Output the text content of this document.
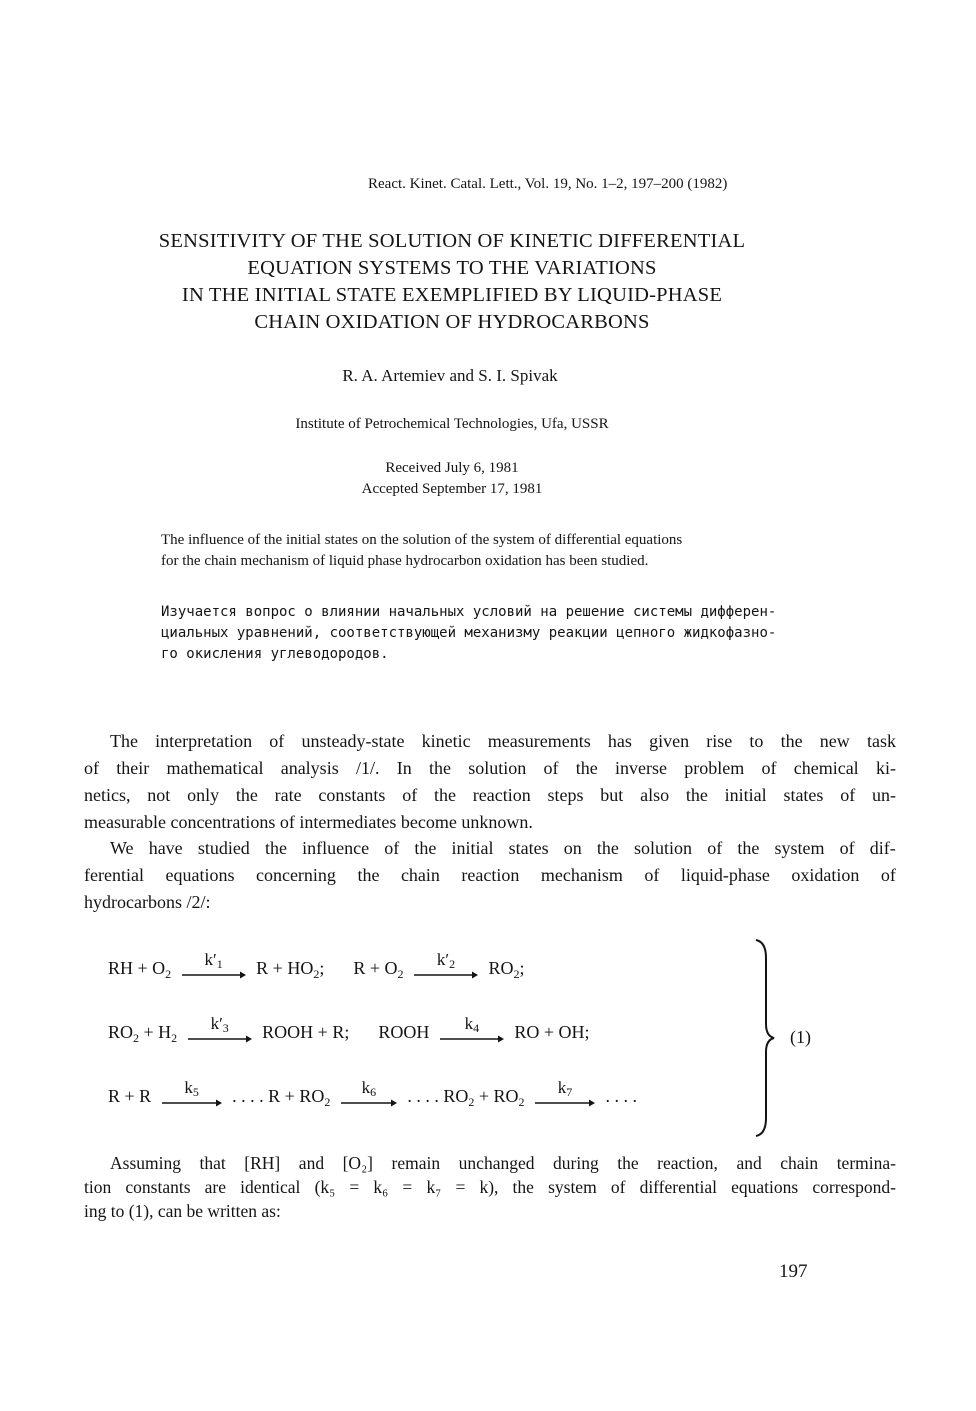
React. Kinet. Catal. Lett., Vol. 19, No. 1–2, 197–200 (1982)
SENSITIVITY OF THE SOLUTION OF KINETIC DIFFERENTIAL
EQUATION SYSTEMS TO THE VARIATIONS
IN THE INITIAL STATE EXEMPLIFIED BY LIQUID-PHASE
CHAIN OXIDATION OF HYDROCARBONS
R. A. Artemiev and S. I. Spivak
Institute of Petrochemical Technologies, Ufa, USSR
Received July 6, 1981
Accepted September 17, 1981
The influence of the initial states on the solution of the system of differential equations
for the chain mechanism of liquid phase hydrocarbon oxidation has been studied.
Изучается вопрос о влиянии начальных условий на решение системы дифферен-
циальных уравнений, соответствующей механизму реакции цепного жидкофазно-
го окисления углеводородов.
The interpretation of unsteady-state kinetic measurements has given rise to the new task
of their mathematical analysis /1/. In the solution of the inverse problem of chemical ki-
netics, not only the rate constants of the reaction steps but also the initial states of un-
measurable concentrations of intermediates become unknown.
We have studied the influence of the initial states on the solution of the system of dif-
ferential equations concerning the chain reaction mechanism of liquid-phase oxidation of
hydrocarbons /2/:
RH + $O_2$
$k'_1$	$R + HO_2$; $R + O_2$
$k'_2$	$RO_2$;
$RO_2 + H_2$
$k'_3$	ROOH + R; ROOH	$k_4$	RO + OH;
R + R	$k_5$	. . . . $R + RO_2$
$k_6$	. . . . $RO_2 + RO_2$
$k_7$	. . . .
(1)
Assuming that [RH] and [O₂] remain unchanged during the reaction, and chain termina-
tion constants are identical (k₅ = k₆ = k₇ = k), the system of differential equations correspond-
ing to (1), can be written as:
197
